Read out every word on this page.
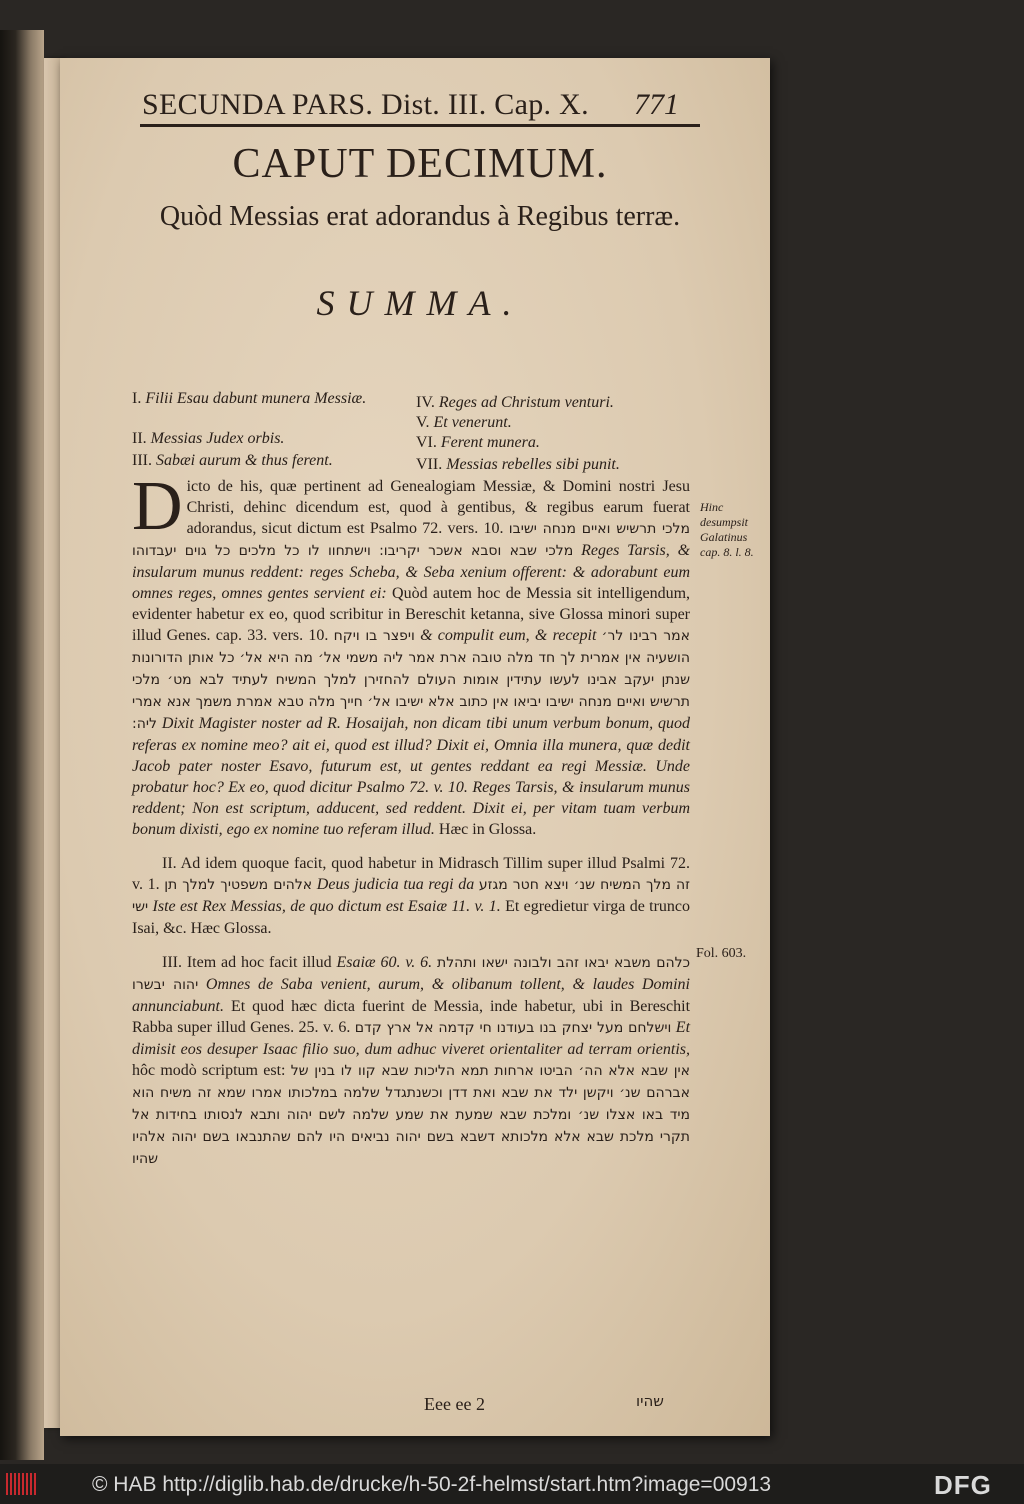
SECUNDA PARS. Dist. III. Cap. X.	771
CAPUT DECIMUM.
Quòd Messias erat adorandus à Regibus terræ.
SUMMA.
I. Filii Esau dabunt munera Messiæ.
II. Messias Judex orbis.
III. Sabæi aurum & thus ferent.
IV. Reges ad Christum venturi.
V. Et venerunt.
VI. Ferent munera.
VII. Messias rebelles sibi punit.

D icto de his, quæ pertinent ad Genealogiam Messiæ, & Domini nostri Jesu Christi, dehinc dicendum est, quod à gentibus, & regibus earum fuerat adorandus, sicut dictum est Psalmo 72. vers. 10. מלכי תרשיש ואיים מנחה ישיבו מלכי שבא וסבא אשכר יקריבו: וישתחוו לו כל מלכים כל גוים יעבדוהו Reges Tarsis, & insularum munus reddent: reges Scheba, & Seba xenium offerent: & adorabunt eum omnes reges, omnes gentes servient ei: Quòd autem hoc de Messia sit intelligendum, evidenter habetur ex eo, quod scribitur in Bereschit ketanna, sive Glossa minori super illud Genes. cap. 33. vers. 10. ויפצר בו ויקח & compulit eum, & recepit אמר רבינו לר׳ הושעיה אין אמרית לך חד מלה טובה ארת אמר ליה משמי אל׳ מה היא אל׳ כל אותן הדורונות שנתן יעקב אבינו לעשו עתידין אומות העולם להחזירן למלך המשיח לעתיד לבא מט׳ מלכי תרשיש ואיים מנחה ישיבו יביאו אין כתוב אלא ישיבו אל׳ חייך מלה טבא אמרת משמך אנא אמרי ליה: Dixit Magister noster ad R. Hosaijah, non dicam tibi unum verbum bonum, quod referas ex nomine meo? ait ei, quod est illud? Dixit ei, Omnia illa munera, quæ dedit Jacob pater noster Esavo, futurum est, ut gentes reddant ea regi Messiæ. Unde probatur hoc? Ex eo, quod dicitur Psalmo 72. v. 10. Reges Tarsis, & insularum munus reddent; Non est scriptum, adducent, sed reddent. Dixit ei, per vitam tuam verbum bonum dixisti, ego ex nomine tuo referam illud. Hæc in Glossa.

II. Ad idem quoque facit, quod habetur in Midrasch Tillim super illud Psalmi 72. v. 1. אלהים משפטיך למלך תן Deus judicia tua regi da זה מלך המשיח שנ׳ ויצא חטר מגזע ישי Iste est Rex Messias, de quo dictum est Esaiæ 11. v. 1. Et egredietur virga de trunco Isai, &c. Hæc Glossa.

III. Item ad hoc facit illud Esaiæ 60. v. 6. כלהם משבא יבאו זהב ולבונה ישאו ותהלת יהוה יבשרו Omnes de Saba venient, aurum, & olibanum tollent, & laudes Domini annunciabunt. Et quod hæc dicta fuerint de Messia, inde habetur, ubi in Bereschit Rabba super illud Genes. 25. v. 6. וישלחם מעל יצחק בנו בעודנו חי קדמה אל ארץ קדם Et dimisit eos desuper Isaac filio suo, dum adhuc viveret orientaliter ad terram orientis, hôc modò scriptum est: אין שבא אלא הה׳ הביטו ארחות תמא הליכות שבא קוו לו בנין של אברהם שנ׳ ויקשן ילד את שבא ואת דדן וכשנתגדל שלמה במלכותו אמרו שמא זה משיח הוא מיד באו אצלו שנ׳ ומלכת שבא שמעת את שמע שלמה לשם יהוה ותבא לנסותו בחידות אל תקרי מלכת שבא אלא מלכותא דשבא בשם יהוה נביאים היו להם שהתנבאו בשם יהוה אלהיו שהיו

Hinc desumpsit Galatinus cap. 8. l. 8.
Fol. 603.
Eee ee 2	שהיו
© HAB http://diglib.hab.de/drucke/h-50-2f-helmst/start.htm?image=00913	DFG
